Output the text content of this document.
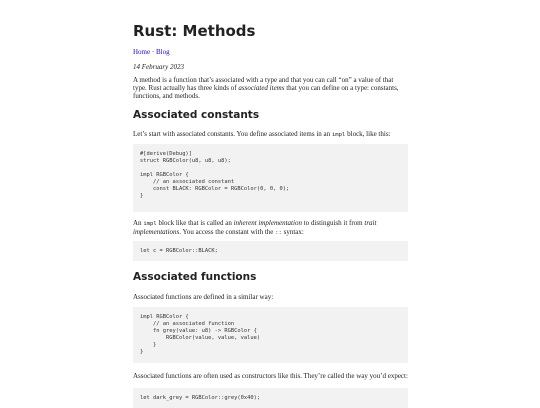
Rust: Methods
Home · Blog
14 February 2023
A method is a function that’s associated with a type and that you can call “on” a value of that type. Rust actually has three kinds of associated items that you can define on a type: constants, functions, and methods.
Associated constants
Let’s start with associated constants. You define associated items in an impl block, like this:
#[derive(Debug)]
struct RGBColor(u8, u8, u8);

impl RGBColor {
// an associated constant
const BLACK: RGBColor = RGBColor(0, 0, 0);
}
An impl block like that is called an inherent implementation to distinguish it from trait implementations. You access the constant with the :: syntax:
let c = RGBColor::BLACK;
Associated functions
Associated functions are defined in a similar way:
impl RGBColor {
// an associated function
fn grey(value: u8) -> RGBColor {
RGBColor(value, value, value)
}
}
Associated functions are often used as constructors like this. They’re called the way you’d expect:
let dark_grey = RGBColor::grey(0x40);
